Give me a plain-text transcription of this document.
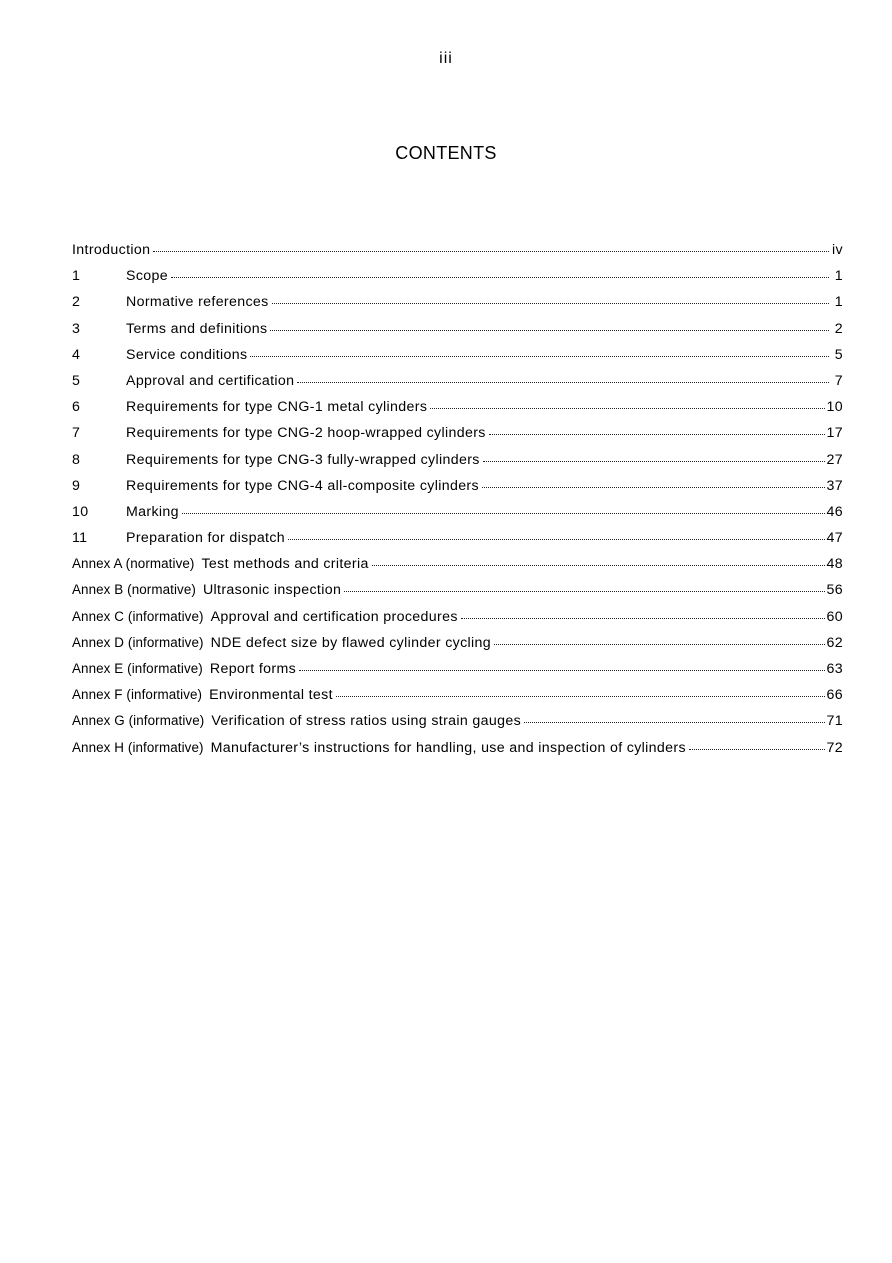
iii
CONTENTS
Introduction	iv
1	Scope	1
2	Normative references	1
3	Terms and definitions	2
4	Service conditions	5
5	Approval and certification	7
6	Requirements for type CNG-1 metal cylinders	10
7	Requirements for type CNG-2 hoop-wrapped cylinders	17
8	Requirements for type CNG-3 fully-wrapped cylinders	27
9	Requirements for type CNG-4 all-composite cylinders	37
10	Marking	46
11	Preparation for dispatch	47
Annex A (normative) Test methods and criteria	48
Annex B (normative) Ultrasonic inspection	56
Annex C (informative) Approval and certification procedures	60
Annex D (informative) NDE defect size by flawed cylinder cycling	62
Annex E (informative) Report forms	63
Annex F (informative) Environmental test	66
Annex G (informative) Verification of stress ratios using strain gauges	71
Annex H (informative) Manufacturer’s instructions for handling, use and inspection of cylinders	72
